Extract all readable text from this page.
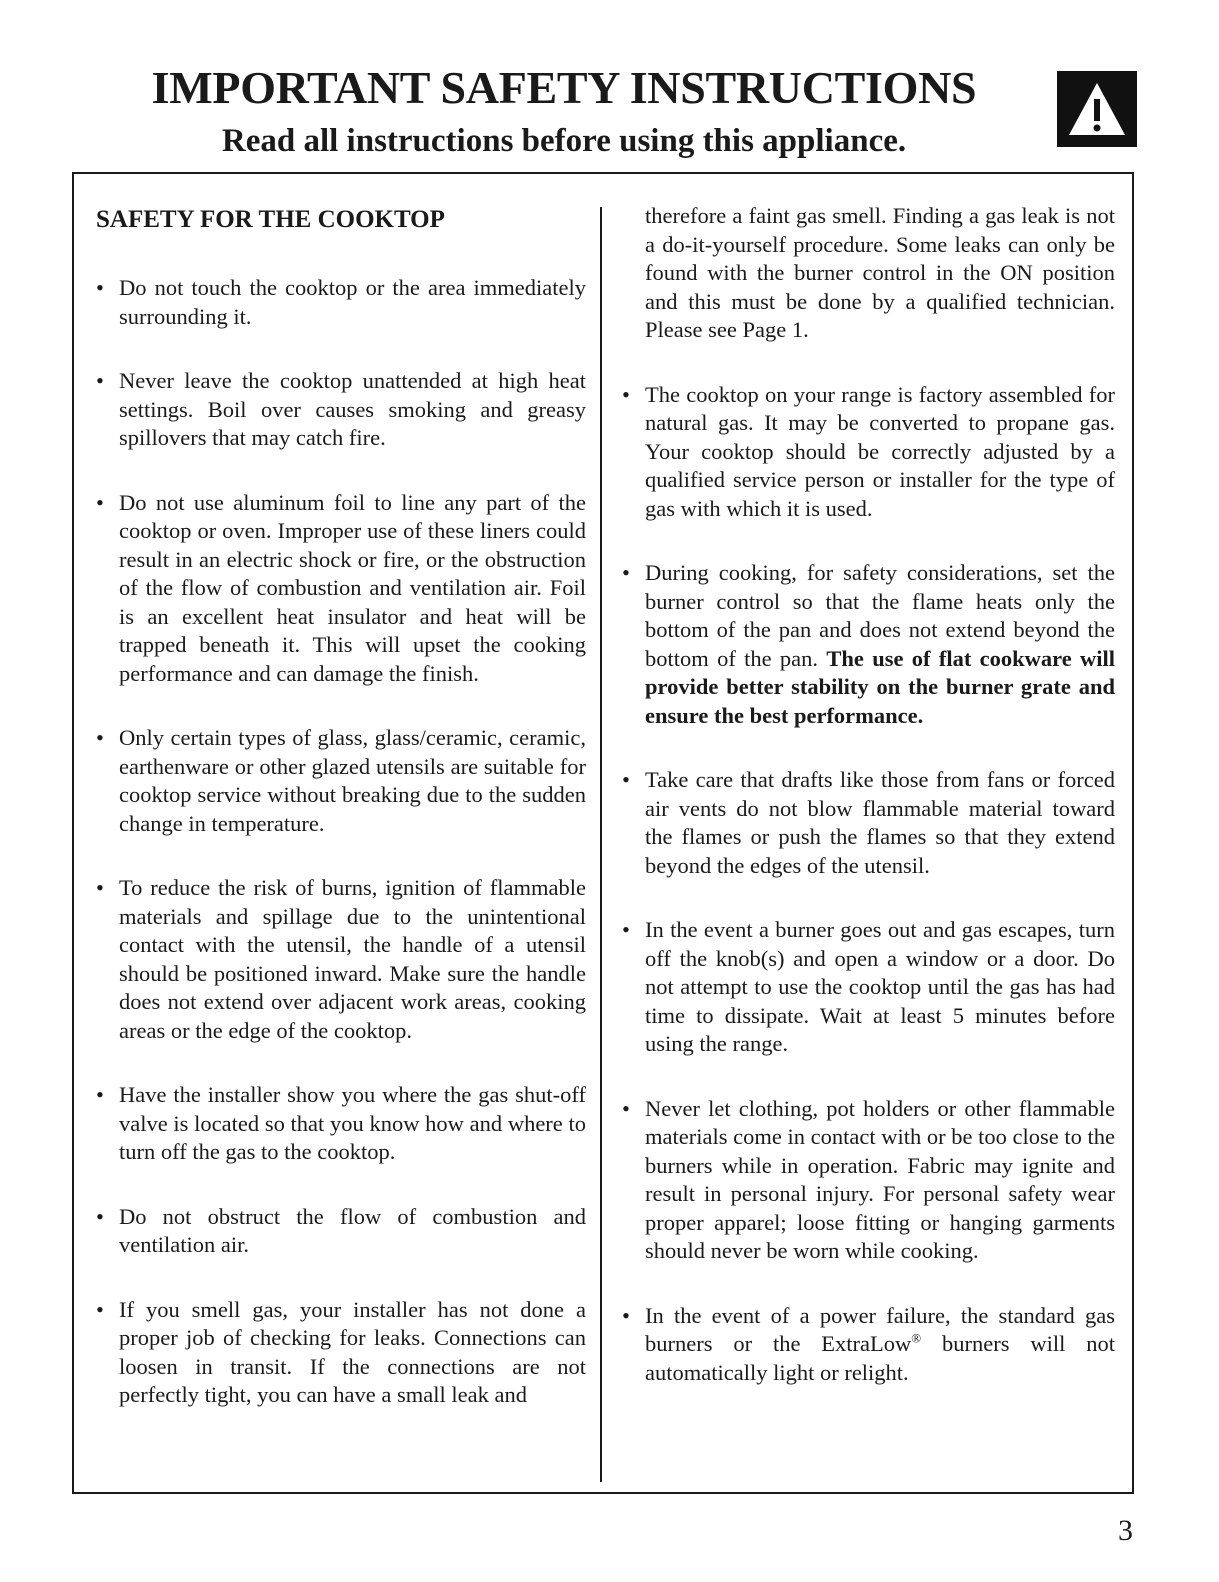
IMPORTANT SAFETY INSTRUCTIONS
Read all instructions before using this appliance.
SAFETY FOR THE COOKTOP
• Do not touch the cooktop or the area immediately surrounding it.
• Never leave the cooktop unattended at high heat settings. Boil over causes smoking and greasy spillovers that may catch fire.
• Do not use aluminum foil to line any part of the cooktop or oven. Improper use of these liners could result in an electric shock or fire, or the obstruction of the flow of combustion and ventilation air. Foil is an excellent heat insulator and heat will be trapped beneath it. This will upset the cooking performance and can damage the finish.
• Only certain types of glass, glass/ceramic, ceramic, earthenware or other glazed utensils are suitable for cooktop service without breaking due to the sudden change in temperature.
• To reduce the risk of burns, ignition of flammable materials and spillage due to the unintentional contact with the utensil, the handle of a utensil should be positioned inward. Make sure the handle does not extend over adjacent work areas, cooking areas or the edge of the cooktop.
• Have the installer show you where the gas shut-off valve is located so that you know how and where to turn off the gas to the cooktop.
• Do not obstruct the flow of combustion and ventilation air.
• If you smell gas, your installer has not done a proper job of checking for leaks. Connections can loosen in transit. If the connections are not perfectly tight, you can have a small leak and
therefore a faint gas smell. Finding a gas leak is not a do-it-yourself procedure. Some leaks can only be found with the burner control in the ON position and this must be done by a qualified technician. Please see Page 1.
• The cooktop on your range is factory assembled for natural gas. It may be converted to propane gas. Your cooktop should be correctly adjusted by a qualified service person or installer for the type of gas with which it is used.
• During cooking, for safety considerations, set the burner control so that the flame heats only the bottom of the pan and does not extend beyond the bottom of the pan. The use of flat cookware will provide better stability on the burner grate and ensure the best performance.
• Take care that drafts like those from fans or forced air vents do not blow flammable material toward the flames or push the flames so that they extend beyond the edges of the utensil.
• In the event a burner goes out and gas escapes, turn off the knob(s) and open a window or a door. Do not attempt to use the cooktop until the gas has had time to dissipate. Wait at least 5 minutes before using the range.
• Never let clothing, pot holders or other flammable materials come in contact with or be too close to the burners while in operation. Fabric may ignite and result in personal injury. For personal safety wear proper apparel; loose fitting or hanging garments should never be worn while cooking.
• In the event of a power failure, the standard gas burners or the ExtraLow® burners will not automatically light or relight.
3
